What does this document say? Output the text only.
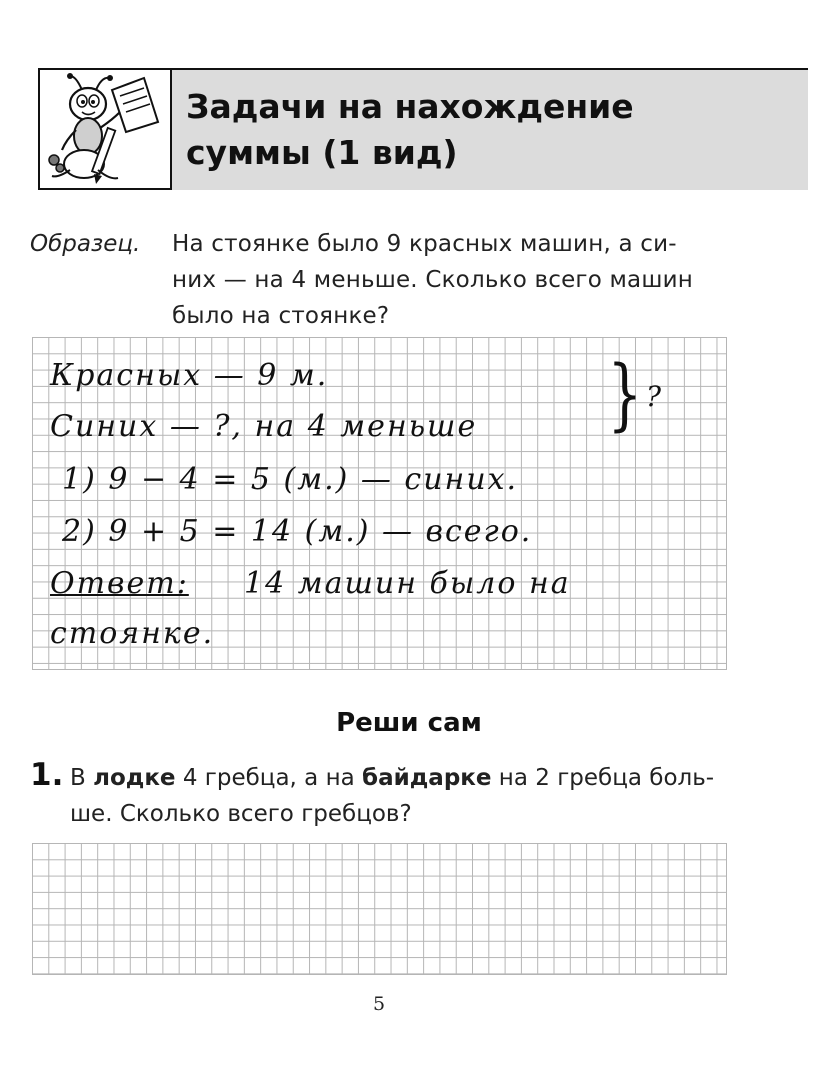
Задачи на нахождение
суммы (1 вид)
Образец. На стоянке было 9 красных машин, а си-
них — на 4 меньше. Сколько всего машин
было на стоянке?
Красных — 9 м.
Синих — ?, на 4 меньше } ?
1) 9 − 4 = 5 (м.) — синих.
2) 9 + 5 = 14 (м.) — всего.
Ответ: 14 машин было на
стоянке.
Реши сам
1. В лодке 4 гребца, а на байдарке на 2 гребца боль-ше. Сколько всего гребцов?
5
